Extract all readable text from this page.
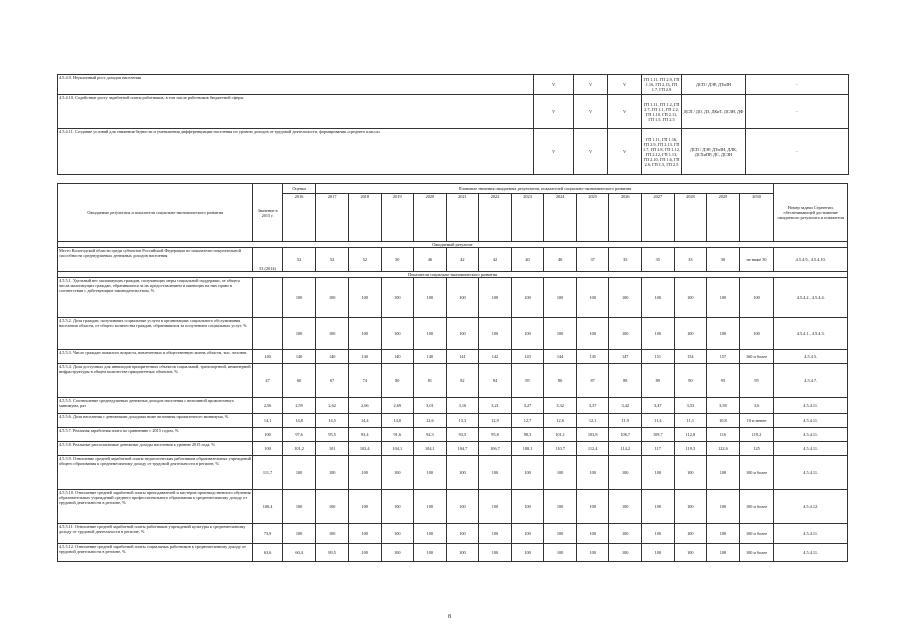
4.5.4.9. Неуклонный рост доходов населения	V	V	V	ГП 1.11, ГП 2.9, ГП 1.16, ГП 2.13, ГП 1.7, ГП 2.8	ДСП / ДЭР, ДТиЗН	-
4.5.4.10. Содействие росту заработной платы работников, в том числе работников бюджетной сферы	V	V	V	ГП 1.11, ГП 1.2, ГП 2.7, ГП 1.1, ГП 2.2, ГП 1.10, ГП 2.11, ГП 1.5, ГП 2.5	ДСП / ДО, ДЗ, ДКиТ, ДСЗН, ДФ	-
4.5.4.11. Создание условий для снижения бедности и уменьшения дифференциации населения по уровню доходов от трудовой деятельности, формирования «среднего класса»	V	V	V	ГП 1.11, ГП 1.16, ГП 2.9, ГП 2.13, ГП 1.7, ГП 2.8, ГП 1.12, ГП 2.12, ГП 1.13, ГП 2.10, ГП 1.6, ГП 2.6, ГП 1.5, ГП 2.5	ДСП / ДЭР, ДТиЗН, ДЛК, ДСХиПР, ДС, ДСЗН	-
Ожидаемые результаты и показатели социально-экономического развития	Значение в 2015 г.	Оценка	Плановые значения ожидаемых результатов, показателей социально-экономического развития														Номер задачи Стратегии, обеспечивающей достижение ожидаемого результата и показателя
		2016	2017	2018	2019	2020	2021	2022	2023	2024	2025	2026	2027	2028	2029	2030	
Ожидаемый результат																	
Место Вологодской области среди субъектов Российской Федерации по показателю покупательной способности среднедушевых денежных доходов населения	53 (2014)	52	52	52	50	46	42	42	40	40	37	35	35	33	30	не ниже 30	4.5.4.9., 4.5.4.10.
Показатели социально-экономического развития																	
4.5.5.1. Удельный вес малоимущих граждан, получающих меры социальной поддержки, от общего числа малоимущих граждан, обратившихся за их предоставлением и имеющих на них право в соответствии с действующим законодательством, %		100	100	100	100	100	100	100	100	100	100	100	100	100	100	100	4.5.4.2., 4.5.4.4.
4.5.5.2. Доля граждан, получивших социальные услуги в организациях социального обслуживания населения области, от общего количества граждан, обратившихся за получением социальных услуг, %		100	100	100	100	100	100	100	100	100	100	100	100	100	100	100	4.5.4.1., 4.5.4.3.
4.5.5.3. Число граждан пожилого возраста, вовлеченных в общественную жизнь области, тыс. человек	140	140	140	140	140	140	141	142	143	144	145	147	151	154	157	160 и более	4.5.4.5.
4.5.5.4. Доля доступных для инвалидов приоритетных объектов социальной, транспортной, инженерной инфраструктуры в общем количестве приоритетных объектов, %	47	60	67	74	80	81	82	84	85	86	87	88	89	90	93	95	4.5.4.7.
4.5.5.5. Соотношение среднедушевых денежных доходов населения с величиной прожиточного минимума, раз	2,56	2,59	2,62	2,66	2,69	3,01	3,16	3,21	3,27	3,32	3,37	3,42	3,47	3,53	3,58	3,6	4.5.4.11.
4.5.5.6. Доля населения с денежными доходами ниже величины прожиточного минимума, %	14,1	14,8	14,5	14,4	14,0	12,6	13,3	12,9	12,7	12,6	12,1	11,9	11,4	11,1	10,8	10 и менее	4.5.4.11.
4.5.5.7. Реальная заработная плата по сравнению с 2015 годом, %	100	97,6	95,5	93,4	91,6	92,3	93,5	95,8	98,3	101,1	103,8	106,7	109,7	112,8	116	119,2	4.5.4.11.
4.5.5.8. Реальные располагаемые денежные доходы населения к уровню 2015 года, %	100	101,2	101	102,4	104,1	104,1	104,7	106,7	108,1	110,7	112,4	114,2	117	119,3	122,6	125	4.5.4.11.
4.5.5.9. Отношение средней заработной платы педагогических работников образовательных учреждений общего образования к среднемесячному доходу от трудовой деятельности в регионе, %	111,7	100	100	100	100	100	100	100	100	100	100	100	100	100	100	100 и более	4.5.4.11.
4.5.5.10. Отношение средней заработной платы преподавателей и мастеров производственного обучения образовательных учреждений среднего профессионального образования к среднемесячному доходу от трудовой деятельности в регионе, %	100,4	100	100	100	100	100	100	100	100	100	100	100	100	100	100	100 и более	4.5.4.12.
4.5.5.11. Отношение средней заработной платы работников учреждений культуры к среднемесячному доходу от трудовой деятельности в регионе, %	73,9	100	100	100	100	100	100	100	100	100	100	100	100	100	100	100 и более	4.5.4.11.
4.5.5.12. Отношение средней заработной платы социальных работников к среднемесячному доходу от трудовой деятельности в регионе, %	63,6	60,4	89,5	100	100	100	100	100	100	100	100	100	100	100	100	100 и более	4.5.4.11.
8
